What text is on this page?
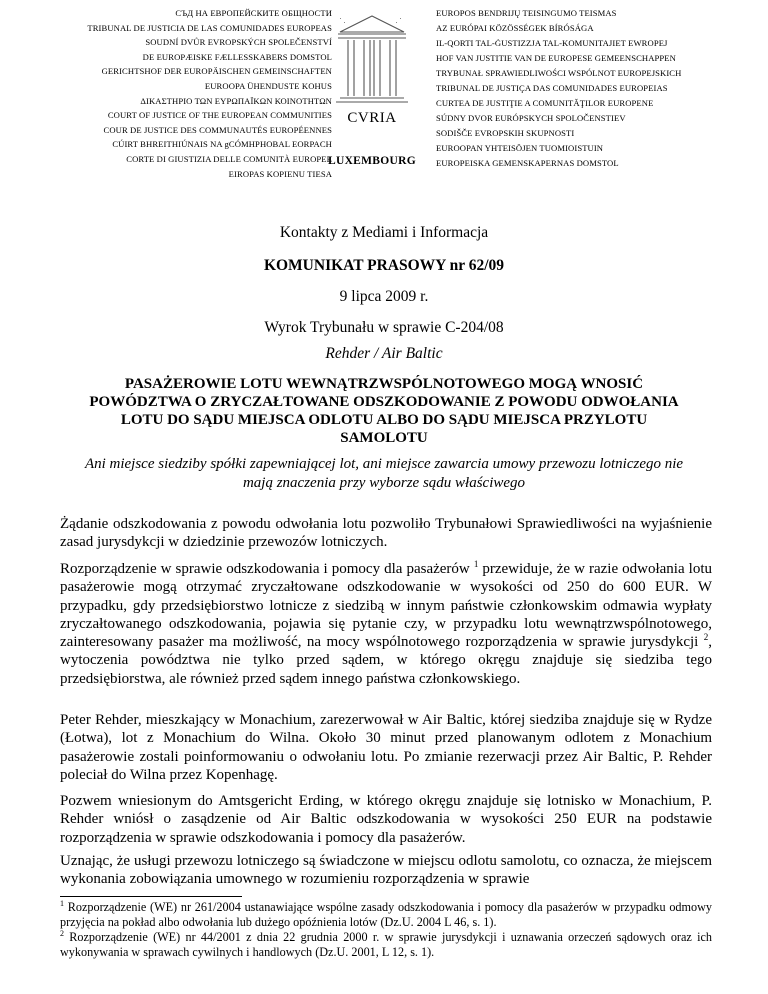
СЪД НА ЕВРОПЕЙСКИТЕ ОБЩНОСТИ
TRIBUNAL DE JUSTICIA DE LAS COMUNIDADES EUROPEAS
SOUDNÍ DVŮR EVROPSKÝCH SPOLEČENSTVÍ
DE EUROPÆISKE FÆLLESSKABERS DOMSTOL
GERICHTSHOF DER EUROPÄISCHEN GEMEINSCHAFTEN
EUROOPA ÜHENDUSTE KOHUS
ΔΙΚΑΣΤΗΡΙΟ ΤΩΝ ΕΥΡΩΠΑΪΚΩΝ ΚΟΙΝΟΤΗΤΩΝ
COURT OF JUSTICE OF THE EUROPEAN COMMUNITIES
COUR DE JUSTICE DES COMMUNAUTÉS EUROPÉENNES
CÚIRT BHREITHIÚNAIS NA gCÓMHPHOBAL EORPACH
CORTE DI GIUSTIZIA DELLE COMUNITÀ EUROPEE
EIROPAS KOPIENU TIESA
CVRIA
LUXEMBOURG
EUROPOS BENDRIJŲ TEISINGUMO TEISMAS
AZ EURÓPAI KÖZÖSSÉGEK BÍRÓSÁGA
IL-QORTI TAL-ĠUSTIZZJA TAL-KOMUNITAJIET EWROPEJ
HOF VAN JUSTITIE VAN DE EUROPESE GEMEENSCHAPPEN
TRYBUNAŁ SPRAWIEDLIWOŚCI WSPÓLNOT EUROPEJSKICH
TRIBUNAL DE JUSTIÇA DAS COMUNIDADES EUROPEIAS
CURTEA DE JUSTIŢIE A COMUNITĂŢILOR EUROPENE
SÚDNY DVOR EURÓPSKYCH SPOLOČENSTIEV
SODIŠČE EVROPSKIH SKUPNOSTI
EUROOPAN YHTEISÖJEN TUOMIOISTUIN
EUROPEISKA GEMENSKAPERNAS DOMSTOL
Kontakty z Mediami i Informacja
KOMUNIKAT PRASOWY nr 62/09
9 lipca 2009 r.
Wyrok Trybunału w sprawie C-204/08
Rehder / Air Baltic
PASAŻEROWIE LOTU WEWNĄTRZWSPÓLNOTOWEGO MOGĄ WNOSIĆ POWÓDZTWA O ZRYCZAŁTOWANE ODSZKODOWANIE Z POWODU ODWOŁANIA LOTU DO SĄDU MIEJSCA ODLOTU ALBO DO SĄDU MIEJSCA PRZYLOTU SAMOLOTU
Ani miejsce siedziby spółki zapewniającej lot, ani miejsce zawarcia umowy przewozu lotniczego nie mają znaczenia przy wyborze sądu właściwego
Żądanie odszkodowania z powodu odwołania lotu pozwoliło Trybunałowi Sprawiedliwości na wyjaśnienie zasad jurysdykcji w dziedzinie przewozów lotniczych.
Rozporządzenie w sprawie odszkodowania i pomocy dla pasażerów $^1$ przewiduje, że w razie odwołania lotu pasażerowie mogą otrzymać zryczałtowane odszkodowanie w wysokości od 250 do 600 EUR. W przypadku, gdy przedsiębiorstwo lotnicze z siedzibą w innym państwie członkowskim odmawia wypłaty zryczałtowanego odszkodowania, pojawia się pytanie czy, w przypadku lotu wewnątrzwspólnotowego, zainteresowany pasażer ma możliwość, na mocy wspólnotowego rozporządzenia w sprawie jurysdykcji $^2$, wytoczenia powództwa nie tylko przed sądem, w którego okręgu znajduje się siedziba tego przedsiębiorstwa, ale również przed sądem innego państwa członkowskiego.
Peter Rehder, mieszkający w Monachium, zarezerwował w Air Baltic, której siedziba znajduje się w Rydze (Łotwa), lot z Monachium do Wilna. Około 30 minut przed planowanym odlotem z Monachium pasażerowie zostali poinformowaniu o odwołaniu lotu. Po zmianie rezerwacji przez Air Baltic, P. Rehder poleciał do Wilna przez Kopenhagę.
Pozwem wniesionym do Amtsgericht Erding, w którego okręgu znajduje się lotnisko w Monachium, P. Rehder wniósł o zasądzenie od Air Baltic odszkodowania w wysokości 250 EUR na podstawie rozporządzenia w sprawie odszkodowania i pomocy dla pasażerów.
Uznając, że usługi przewozu lotniczego są świadczone w miejscu odlotu samolotu, co oznacza, że miejscem wykonania zobowiązania umownego w rozumieniu rozporządzenia w sprawie
$^1$ Rozporządzenie (WE) nr 261/2004 ustanawiające wspólne zasady odszkodowania i pomocy dla pasażerów w przypadku odmowy przyjęcia na pokład albo odwołania lub dużego opóźnienia lotów (Dz.U. 2004 L 46, s. 1).
$^2$ Rozporządzenie (WE) nr 44/2001 z dnia 22 grudnia 2000 r. w sprawie jurysdykcji i uznawania orzeczeń sądowych oraz ich wykonywania w sprawach cywilnych i handlowych (Dz.U. 2001, L 12, s. 1).
